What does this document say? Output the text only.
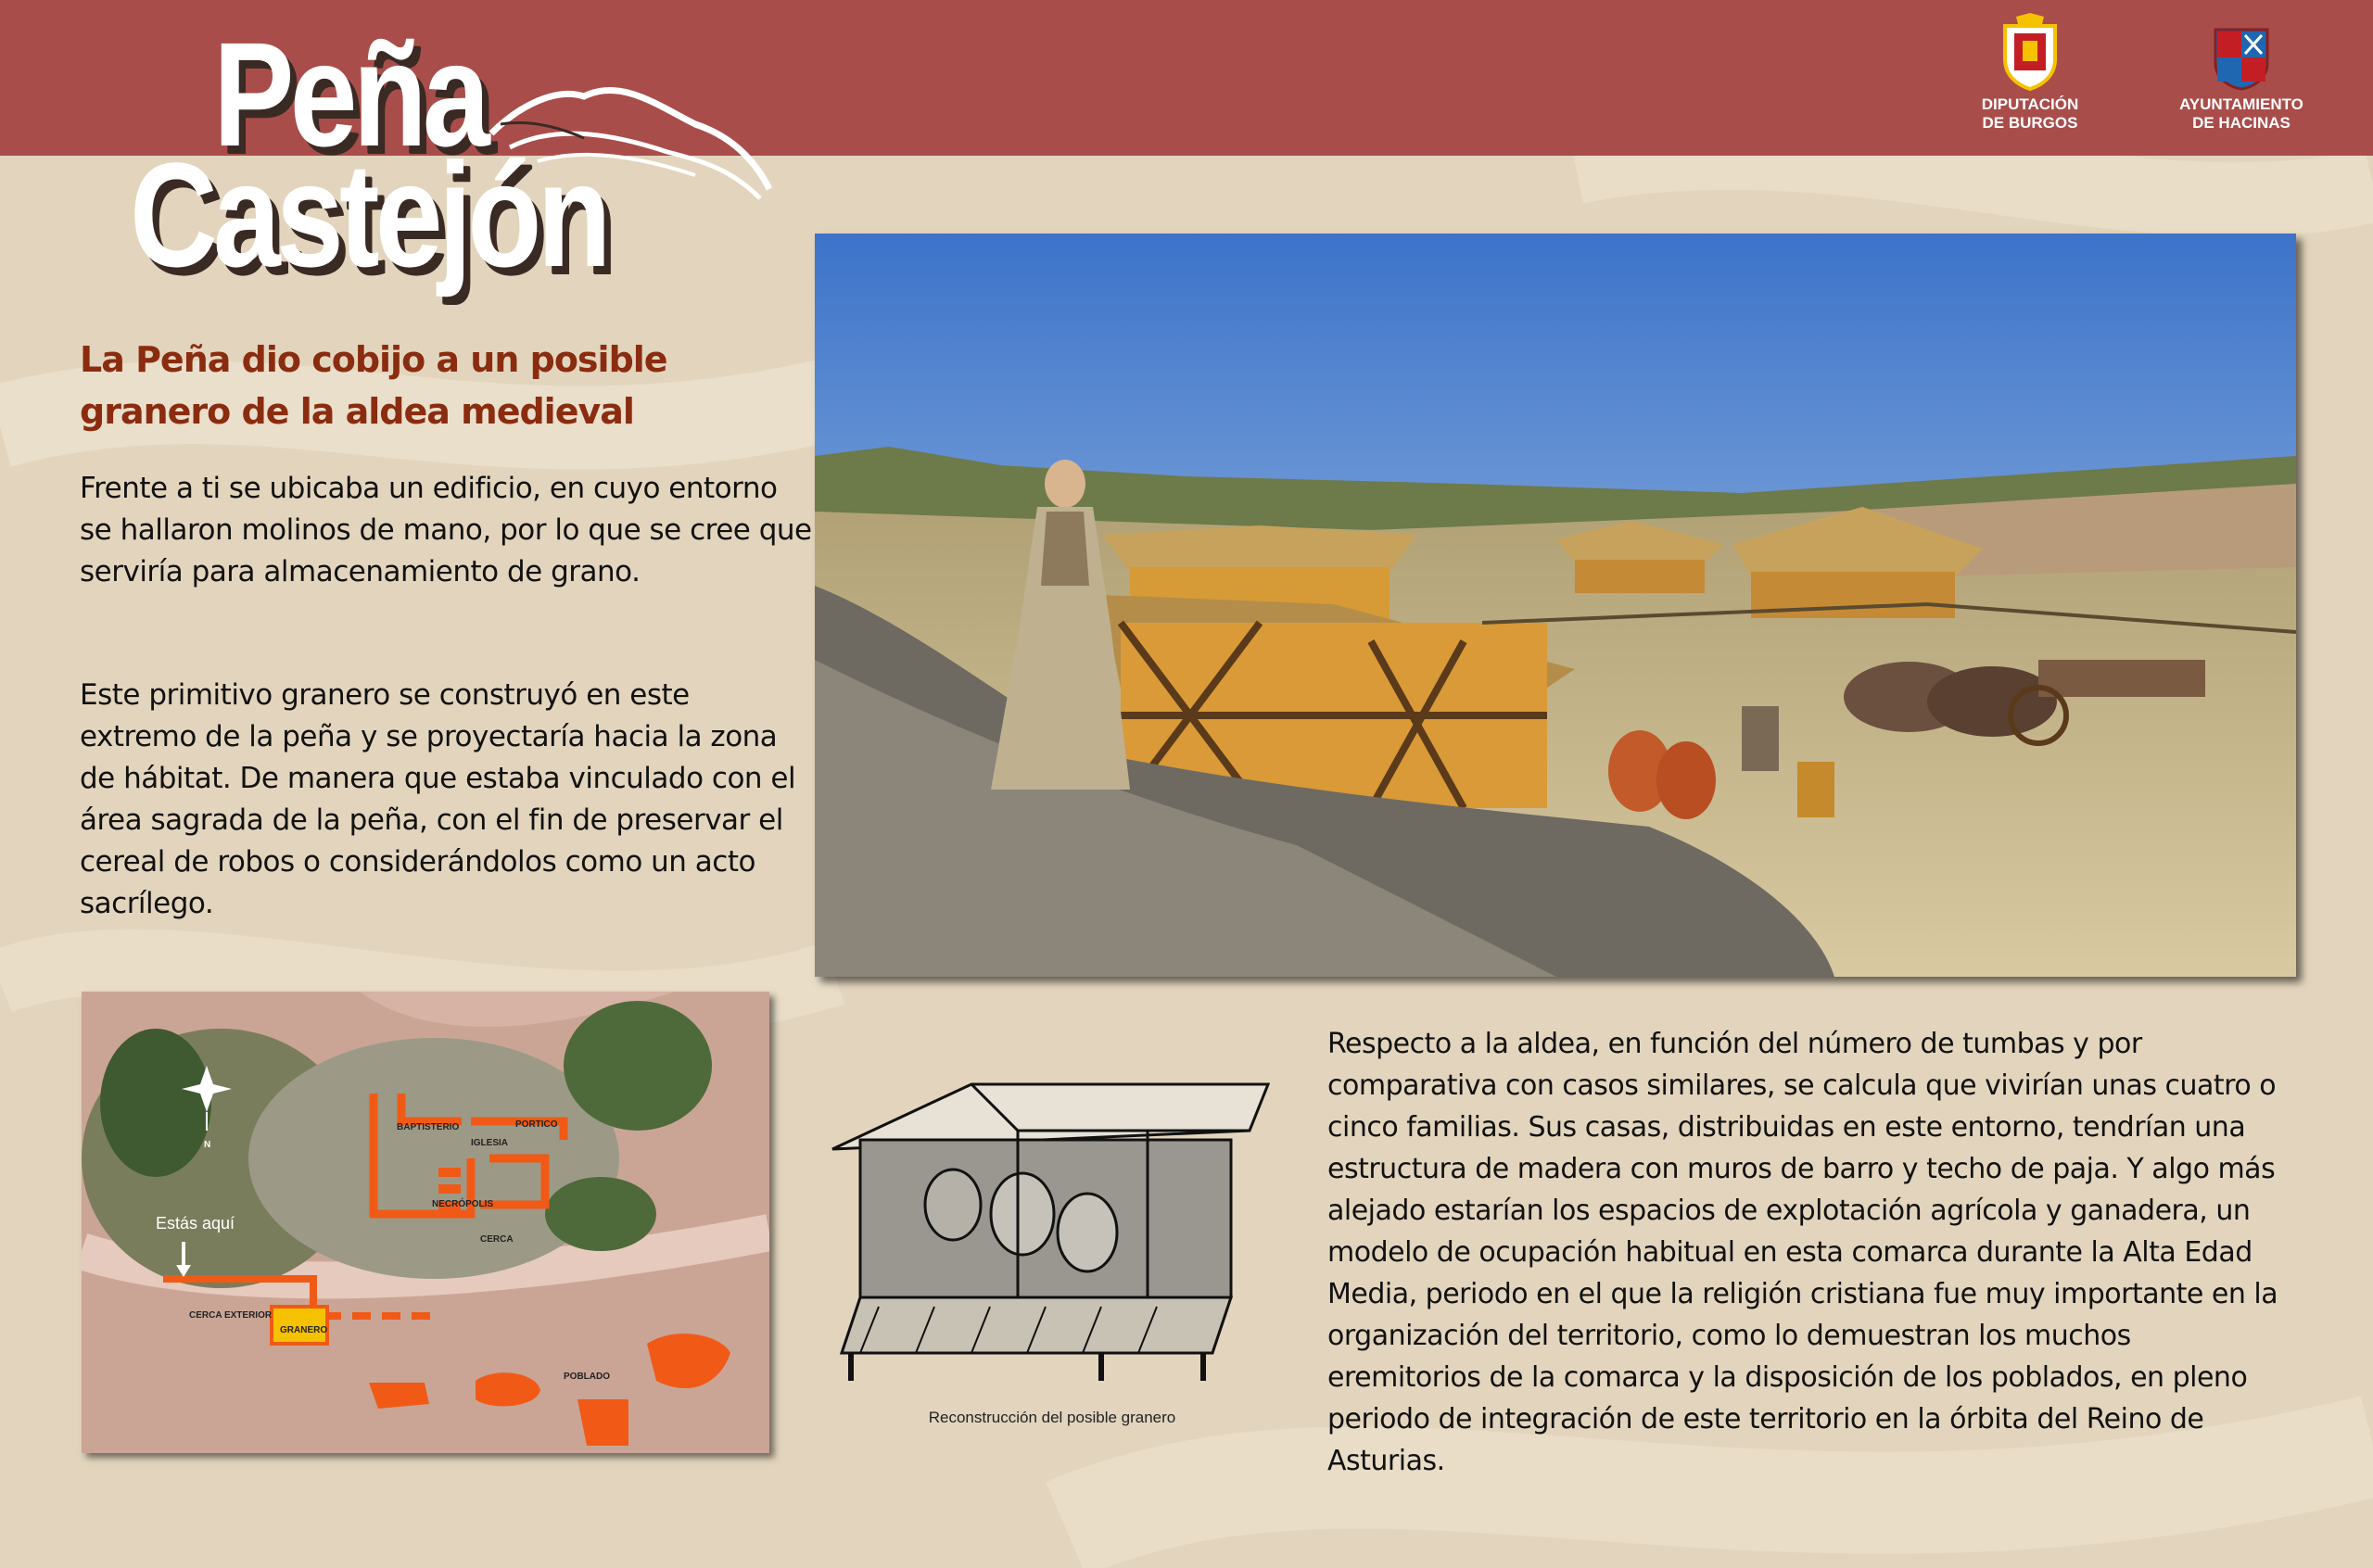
Peña
Castejón
DIPUTACIÓN
DE BURGOS
AYUNTAMIENTO
DE HACINAS
La Peña dio cobijo a un posible granero de la aldea medieval
Frente a ti se ubicaba un edificio, en cuyo entorno se hallaron molinos de mano, por lo que se cree que serviría para almacenamiento de grano.
Este primitivo granero se construyó en este extremo de la peña y se proyectaría hacia la zona de hábitat. De manera que estaba vinculado con el área sagrada de la peña, con el fin de preservar el cereal de robos o considerándolos como un acto sacrílego.
Respecto a la aldea, en función del número de tumbas y por comparativa con casos similares, se calcula que vivirían unas cuatro o cinco familias. Sus casas, distribuidas en este entorno, tendrían una estructura de madera con muros de barro y techo de paja. Y algo más alejado estarían los espacios de explotación agrícola y ganadera, un modelo de ocupación habitual en esta comarca durante la Alta Edad Media, periodo en el que la religión cristiana fue muy importante en la organización del territorio, como lo demuestran los muchos eremitorios de la comarca y la disposición de los poblados, en pleno periodo de integración de este territorio en la órbita del Reino de Asturias.
BAPTISTERIO	PORTICO
IGLESIA
NECRÓPOLIS
CERCA
CERCA EXTERIOR
GRANERO
POBLADO
N
Estás aquí
Reconstrucción del posible granero
